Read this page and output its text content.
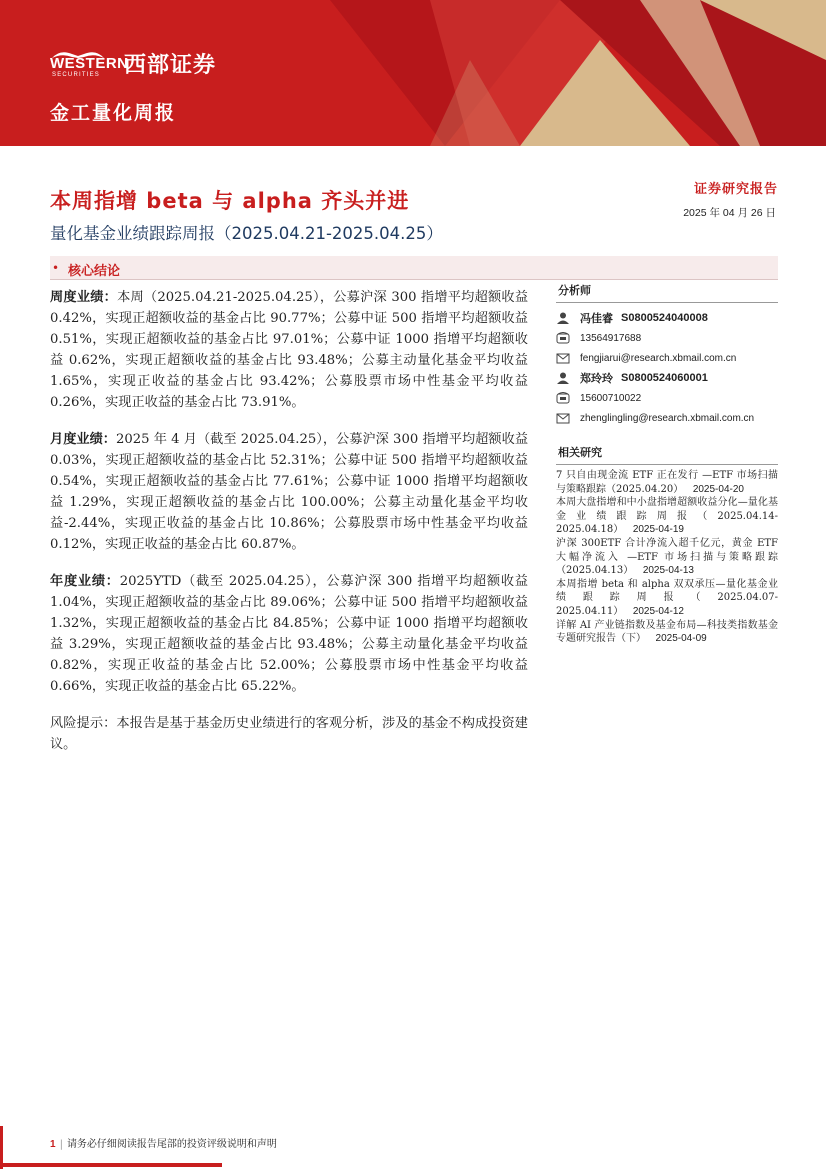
WESTERN
SECURITIES 西部证券
金工量化周报
证券研究报告
2025 年 04 月 26 日
本周指增 beta 与 alpha 齐头并进
量化基金业绩跟踪周报（2025.04.21-2025.04.25）
• 核心结论

周度业绩：本周（2025.04.21-2025.04.25），公募沪深 300 指增平均超额收益 0.42%，实现正超额收益的基金占比 90.77%；公募中证 500 指增平均超额收益 0.51%，实现正超额收益的基金占比 97.01%；公募中证 1000 指增平均超额收益 0.62%，实现正超额收益的基金占比 93.48%；公募主动量化基金平均收益 1.65%，实现正收益的基金占比 93.42%；公募股票市场中性基金平均收益 0.26%，实现正收益的基金占比 73.91%。

月度业绩：2025 年 4 月（截至 2025.04.25），公募沪深 300 指增平均超额收益 0.03%，实现正超额收益的基金占比 52.31%；公募中证 500 指增平均超额收益 0.54%，实现正超额收益的基金占比 77.61%；公募中证 1000 指增平均超额收益 1.29%，实现正超额收益的基金占比 100.00%；公募主动量化基金平均收益-2.44%，实现正收益的基金占比 10.86%；公募股票市场中性基金平均收益 0.12%，实现正收益的基金占比 60.87%。

年度业绩：2025YTD（截至 2025.04.25），公募沪深 300 指增平均超额收益 1.04%，实现正超额收益的基金占比 89.06%；公募中证 500 指增平均超额收益 1.32%，实现正超额收益的基金占比 84.85%；公募中证 1000 指增平均超额收益 3.29%，实现正超额收益的基金占比 93.48%；公募主动量化基金平均收益 0.82%，实现正收益的基金占比 52.00%；公募股票市场中性基金平均收益 0.66%，实现正收益的基金占比 65.22%。

风险提示：本报告是基于基金历史业绩进行的客观分析，涉及的基金不构成投资建议。

分析师
冯佳睿 S0800524040008
13564917688
fengjiarui@research.xbmail.com.cn
郑玲玲 S0800524060001
15600710022
zhenglingling@research.xbmail.com.cn
相关研究
7 只自由现金流 ETF 正在发行 —ETF 市场扫描与策略跟踪（2025.04.20） 2025-04-20
本周大盘指增和中小盘指增超额收益分化—量化基金业绩跟踪周报（2025.04.14-2025.04.18） 2025-04-19
沪深 300ETF 合计净流入超千亿元，黄金 ETF 大幅净流入 —ETF 市场扫描与策略跟踪（2025.04.13） 2025-04-13
本周指增 beta 和 alpha 双双承压—量化基金业绩跟踪周报（2025.04.07-2025.04.11） 2025-04-12
详解 AI 产业链指数及基金布局—科技类指数基金专题研究报告（下） 2025-04-09
1 | 请务必仔细阅读报告尾部的投资评级说明和声明
